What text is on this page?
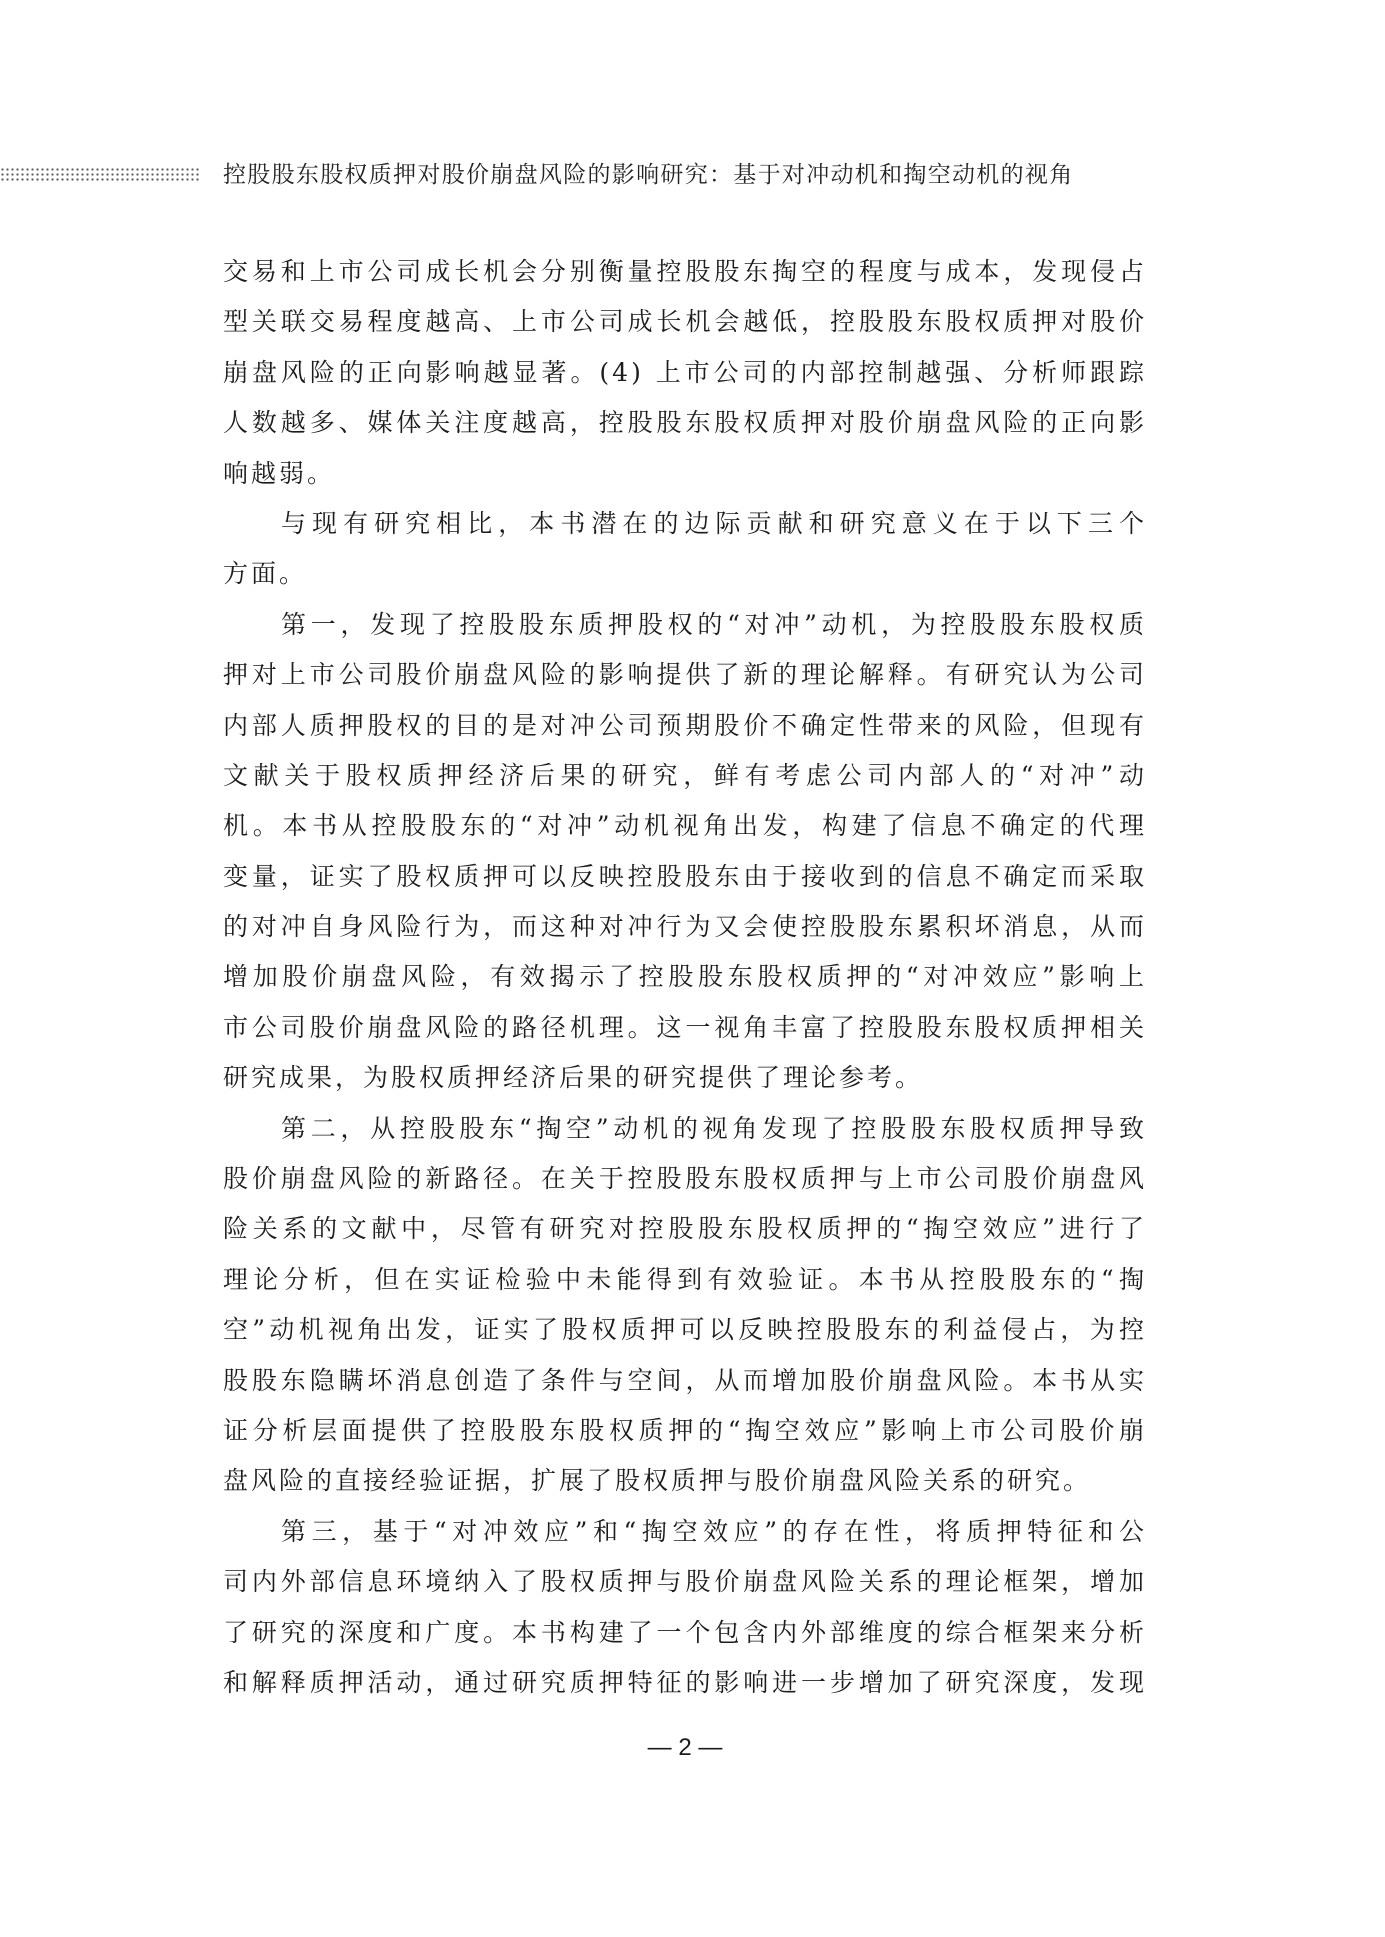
控股股东股权质押对股价崩盘风险的影响研究：基于对冲动机和掏空动机的视角
交易和上市公司成长机会分别衡量控股股东掏空的程度与成本，发现侵占
型关联交易程度越高、上市公司成长机会越低，控股股东股权质押对股价
崩盘风险的正向影响越显著。(4) 上市公司的内部控制越强、分析师跟踪
人数越多、媒体关注度越高，控股股东股权质押对股价崩盘风险的正向影
响越弱。
与现有研究相比，本书潜在的边际贡献和研究意义在于以下三个
方面。
第一，发现了控股股东质押股权的“对冲”动机，为控股股东股权质
押对上市公司股价崩盘风险的影响提供了新的理论解释。有研究认为公司
内部人质押股权的目的是对冲公司预期股价不确定性带来的风险，但现有
文献关于股权质押经济后果的研究，鲜有考虑公司内部人的“对冲”动
机。本书从控股股东的“对冲”动机视角出发，构建了信息不确定的代理
变量，证实了股权质押可以反映控股股东由于接收到的信息不确定而采取
的对冲自身风险行为，而这种对冲行为又会使控股股东累积坏消息，从而
增加股价崩盘风险，有效揭示了控股股东股权质押的“对冲效应”影响上
市公司股价崩盘风险的路径机理。这一视角丰富了控股股东股权质押相关
研究成果，为股权质押经济后果的研究提供了理论参考。
第二，从控股股东“掏空”动机的视角发现了控股股东股权质押导致
股价崩盘风险的新路径。在关于控股股东股权质押与上市公司股价崩盘风
险关系的文献中，尽管有研究对控股股东股权质押的“掏空效应”进行了
理论分析，但在实证检验中未能得到有效验证。本书从控股股东的“掏
空”动机视角出发，证实了股权质押可以反映控股股东的利益侵占，为控
股股东隐瞒坏消息创造了条件与空间，从而增加股价崩盘风险。本书从实
证分析层面提供了控股股东股权质押的“掏空效应”影响上市公司股价崩
盘风险的直接经验证据，扩展了股权质押与股价崩盘风险关系的研究。
第三，基于“对冲效应”和“掏空效应”的存在性，将质押特征和公
司内外部信息环境纳入了股权质押与股价崩盘风险关系的理论框架，增加
了研究的深度和广度。本书构建了一个包含内外部维度的综合框架来分析
和解释质押活动，通过研究质押特征的影响进一步增加了研究深度，发现
— 2 —
